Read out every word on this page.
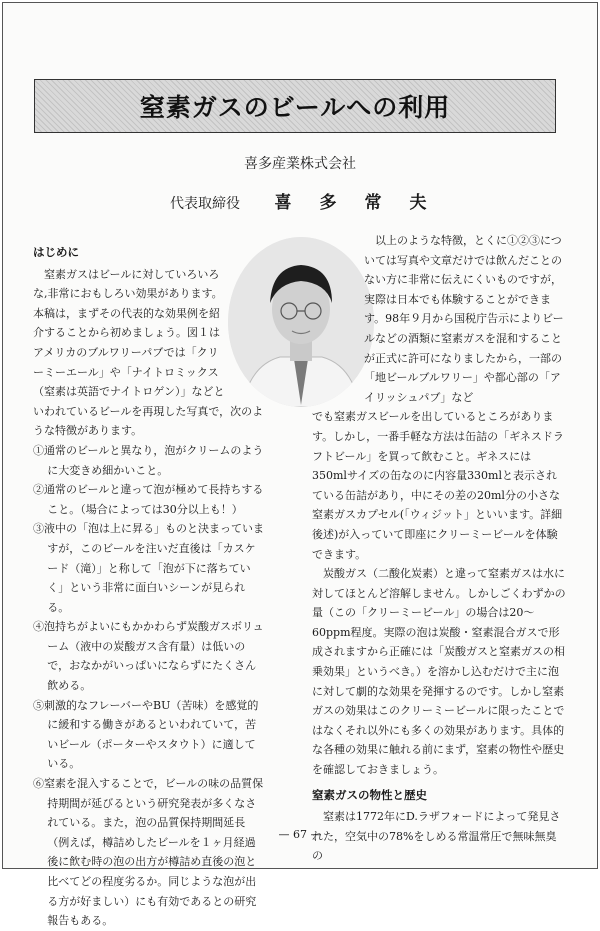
窒素ガスのビールへの利用
喜多産業株式会社
代表取締役 喜多常夫
はじめに

窒素ガスはビールに対していろいろな,非常におもしろい効果があります。本稿は，まずその代表的な効果例を紹介することから初めましょう。図１はアメリカのブルワリーパブでは「クリーミーエール」や「ナイトロミックス（窒素は英語でナイトロゲン）」などと

いわれているビールを再現した写真で，次のような特徴があります。
①通常のビールと異なり，泡がクリームのように大変きめ細かいこと。
②通常のビールと違って泡が極めて長持ちすること。（場合によっては30分以上も！）
③液中の「泡は上に昇る」ものと決まっていますが，このビールを注いだ直後は「カスケード（滝）」と称して「泡が下に落ちていく」という非常に面白いシーンが見られる。
④泡持ちがよいにもかかわらず炭酸ガスボリューム（液中の炭酸ガス含有量）は低いので，おなかがいっぱいにならずにたくさん飲める。
⑤刺激的なフレーバーやBU（苦味）を感覚的に緩和する働きがあるといわれていて，苦いビール（ポーターやスタウト）に適している。
⑥窒素を混入することで，ビールの味の品質保持期間が延びるという研究発表が多くなされている。また，泡の品質保持期間延長（例えば，樽詰めしたビールを１ヶ月経過後に飲む時の泡の出方が樽詰め直後の泡と比べてどの程度劣るか。同じような泡が出る方が好ましい）にも有効であるとの研究報告もある。

以上のような特徴，とくに①②③については写真や文章だけでは飲んだことのない方に非常に伝えにくいものですが，実際は日本でも体験することができます。98年９月から国税庁告示によりビールなどの酒類に窒素ガスを混和することが正式に許可になりましたから，一部の「地ビールブルワリー」や都心部の「アイリッシュパブ」など

でも窒素ガスビールを出しているところがあります。しかし，一番手軽な方法は缶詰の「ギネスドラフトビール」を買って飲むこと。ギネスには350mlサイズの缶なのに内容量330mlと表示されている缶詰があり，中にその差の20ml分の小さな窒素ガスカプセル(「ウィジット」といいます。詳細後述)が入っていて即座にクリーミービールを体験できます。

炭酸ガス（二酸化炭素）と違って窒素ガスは水に対してほとんど溶解しません。しかしごくわずかの量（この「クリーミービール」の場合は20～60ppm程度。実際の泡は炭酸・窒素混合ガスで形成されますから正確には「炭酸ガスと窒素ガスの相乗効果」というべき。）を溶かし込むだけで主に泡に対して劇的な効果を発揮するのです。しかし窒素ガスの効果はこのクリーミービールに限ったことではなくそれ以外にも多くの効果があります。具体的な各種の効果に触れる前にまず，窒素の物性や歴史を確認しておきましょう。

窒素ガスの物性と歴史

窒素は1772年にD.ラザフォードによって発見された，空気中の78%をしめる常温常圧で無味無臭の

— 67 —
